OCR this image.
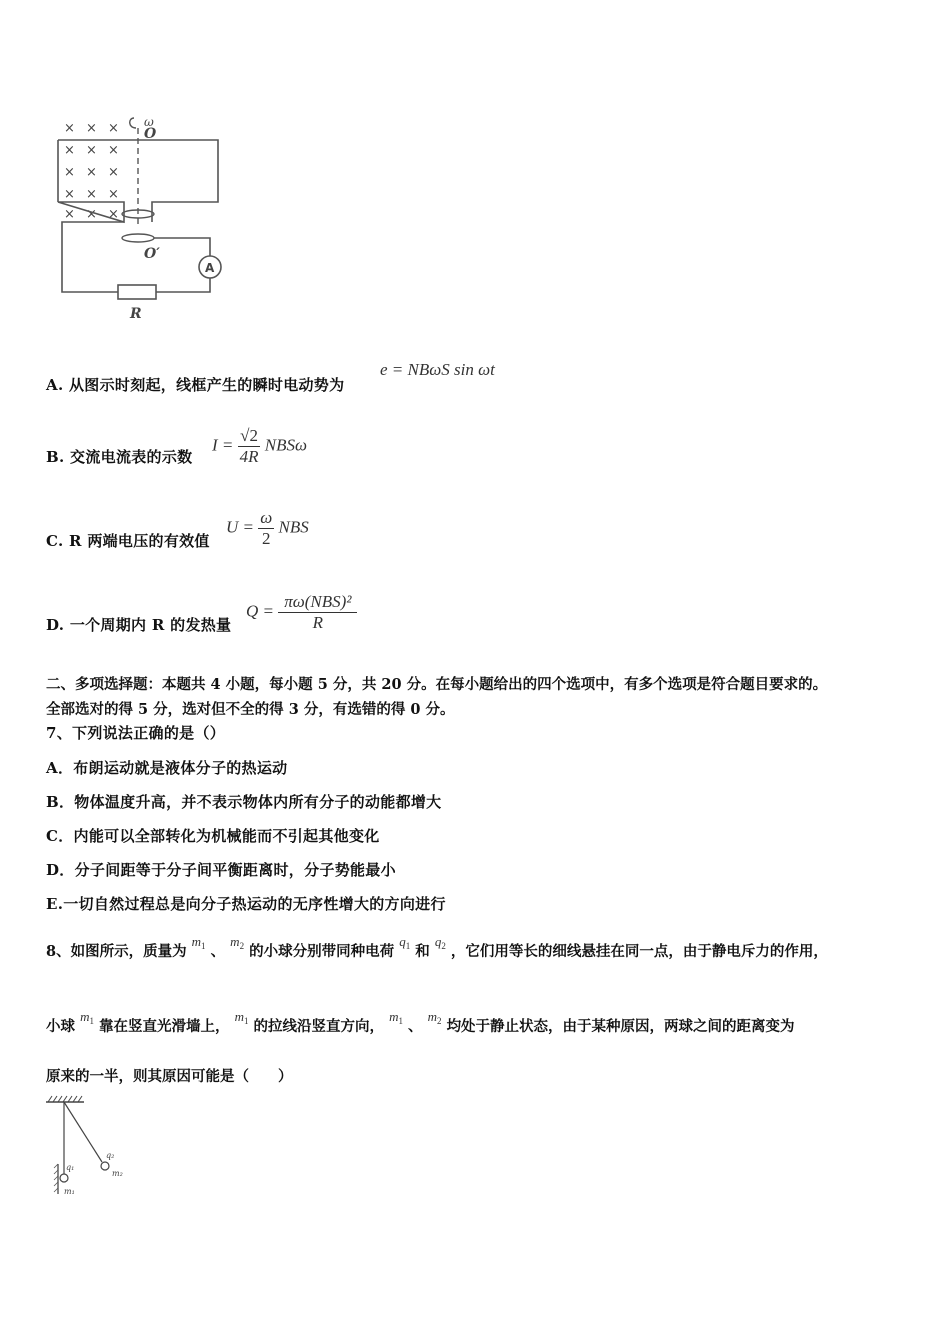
× × ×
× × ×
× × ×
× × ×
× × ×
A
O
ω
O′
R
A. 从图示时刻起，线框产生的瞬时电动势为
e = NBωS sin ωt
B. 交流电流表的示数
$I = \frac{√2}{4R}$ NBSω
C. R 两端电压的有效值
$U = \frac{\omega}{2}$ NBS
D. 一个周期内 R 的发热量
$Q = \frac{\text{πω(NBS)²}}{R}$
二、多项选择题：本题共 4 小题，每小题 5 分，共 20 分。在每小题给出的四个选项中，有多个选项是符合题目要求的。
全部选对的得 5 分，选对但不全的得 3 分，有选错的得 0 分。
7、下列说法正确的是（）
A．布朗运动就是液体分子的热运动
B．物体温度升高，并不表示物体内所有分子的动能都增大
C．内能可以全部转化为机械能而不引起其他变化
D．分子间距等于分子间平衡距离时，分子势能最小
E.一切自然过程总是向分子热运动的无序性增大的方向进行
8、如图所示，质量为 $m_1$ 、 $m_2$ 的小球分别带同种电荷 $q_1$ 和 $q_2$ ，它们用等长的细线悬挂在同一点，由于静电斥力的作用，
小球 $m_1$ 靠在竖直光滑墙上， $m_1$ 的拉线沿竖直方向， $m_1$ 、 $m_2$ 均处于静止状态，由于某种原因，两球之间的距离变为
原来的一半，则其原因可能是（　　）
q₁
m₁
q₂
m₂
